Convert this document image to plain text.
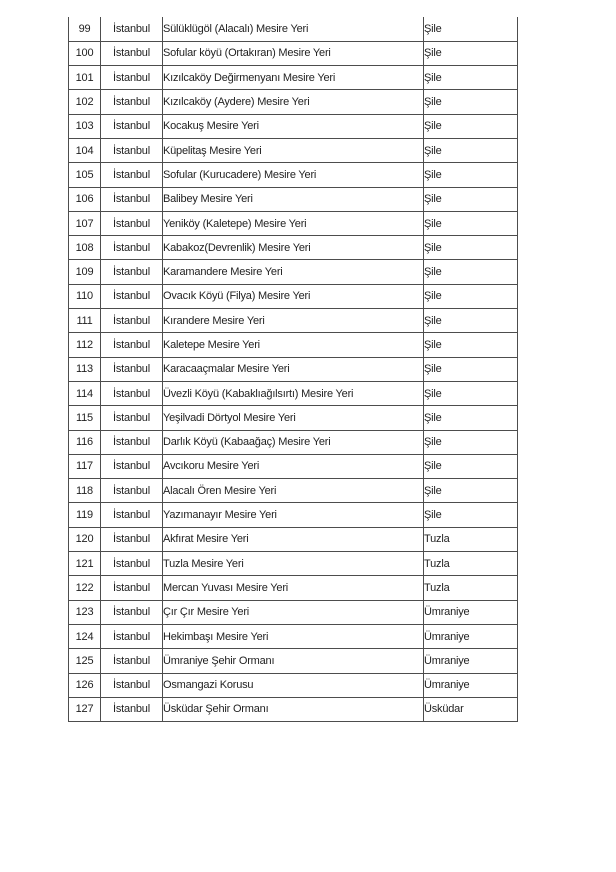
99	İstanbul	Sülüklügöl (Alacalı) Mesire Yeri	Şile
100	İstanbul	Sofular köyü (Ortakıran) Mesire Yeri	Şile
101	İstanbul	Kızılcaköy Değirmenyanı Mesire Yeri	Şile
102	İstanbul	Kızılcaköy (Aydere) Mesire Yeri	Şile
103	İstanbul	Kocakuş Mesire Yeri	Şile
104	İstanbul	Küpelitaş Mesire Yeri	Şile
105	İstanbul	Sofular (Kurucadere) Mesire Yeri	Şile
106	İstanbul	Balibey Mesire Yeri	Şile
107	İstanbul	Yeniköy (Kaletepe) Mesire Yeri	Şile
108	İstanbul	Kabakoz(Devrenlik) Mesire Yeri	Şile
109	İstanbul	Karamandere Mesire Yeri	Şile
110	İstanbul	Ovacık Köyü (Filya) Mesire Yeri	Şile
111	İstanbul	Kırandere Mesire Yeri	Şile
112	İstanbul	Kaletepe Mesire Yeri	Şile
113	İstanbul	Karacaaçmalar Mesire Yeri	Şile
114	İstanbul	Üvezli Köyü (Kabaklıağılsırtı) Mesire Yeri	Şile
115	İstanbul	Yeşilvadi Dörtyol Mesire Yeri	Şile
116	İstanbul	Darlık Köyü (Kabaağaç) Mesire Yeri	Şile
117	İstanbul	Avcıkoru Mesire Yeri	Şile
118	İstanbul	Alacalı Ören Mesire Yeri	Şile
119	İstanbul	Yazımanayır Mesire Yeri	Şile
120	İstanbul	Akfırat Mesire Yeri	Tuzla
121	İstanbul	Tuzla Mesire Yeri	Tuzla
122	İstanbul	Mercan Yuvası Mesire Yeri	Tuzla
123	İstanbul	Çır Çır Mesire Yeri	Ümraniye
124	İstanbul	Hekimbaşı Mesire Yeri	Ümraniye
125	İstanbul	Ümraniye Şehir Ormanı	Ümraniye
126	İstanbul	Osmangazi Korusu	Ümraniye
127	İstanbul	Üsküdar Şehir Ormanı	Üsküdar
